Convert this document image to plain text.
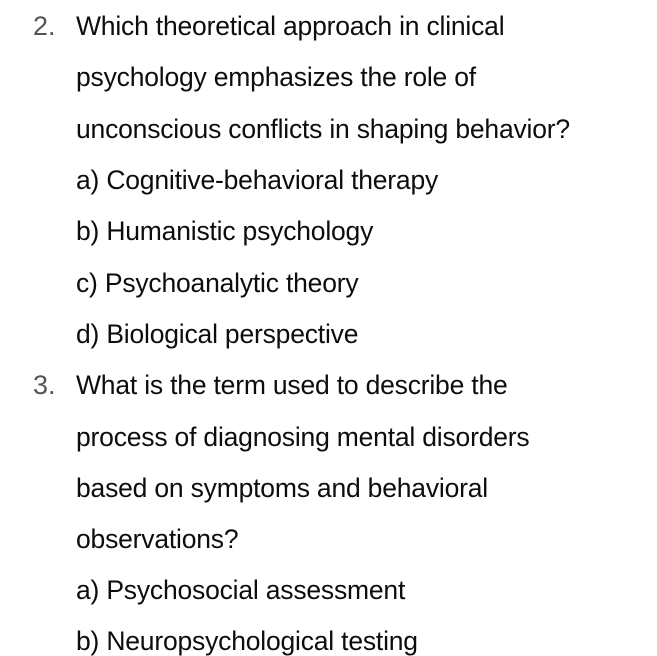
2. Which theoretical approach in clinical
psychology emphasizes the role of
unconscious conflicts in shaping behavior?
a) Cognitive-behavioral therapy
b) Humanistic psychology
c) Psychoanalytic theory
d) Biological perspective
3. What is the term used to describe the
process of diagnosing mental disorders
based on symptoms and behavioral
observations?
a) Psychosocial assessment
b) Neuropsychological testing
